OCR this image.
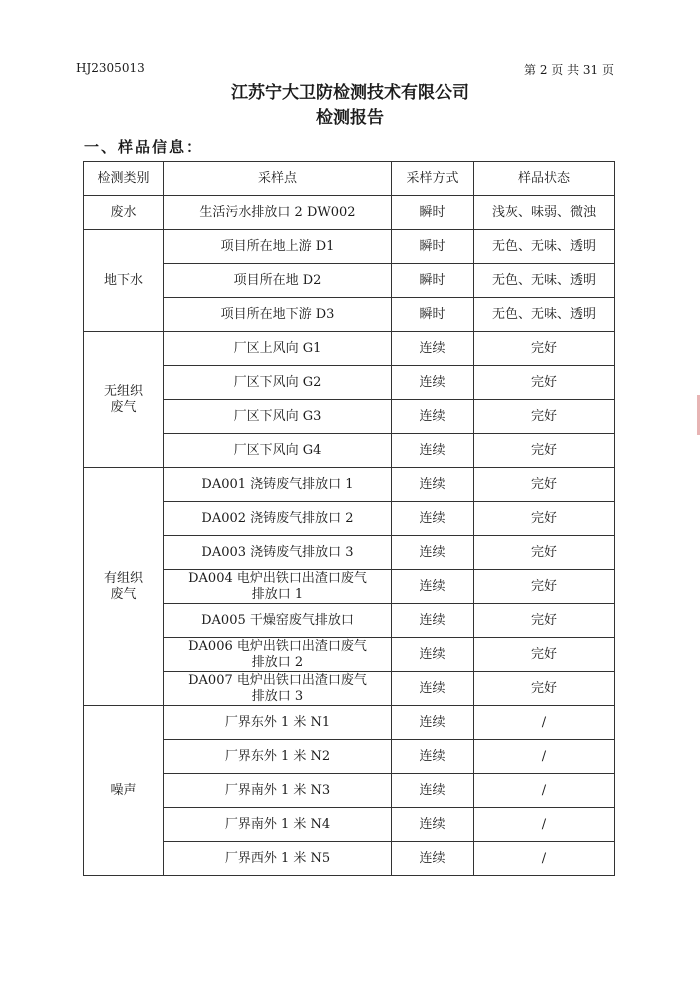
HJ2305013	第 2 页 共 31 页
江苏宁大卫防检测技术有限公司
检测报告
一、样品信息：
检测类别	采样点	采样方式	样品状态
废水	生活污水排放口 2 DW002	瞬时	浅灰、味弱、微浊
地下水	项目所在地上游 D1	瞬时	无色、无味、透明
	项目所在地 D2	瞬时	无色、无味、透明
	项目所在地下游 D3	瞬时	无色、无味、透明
无组织
废气	厂区上风向 G1	连续	完好
	厂区下风向 G2	连续	完好
	厂区下风向 G3	连续	完好
	厂区下风向 G4	连续	完好
有组织
废气	DA001 浇铸废气排放口 1	连续	完好
	DA002 浇铸废气排放口 2	连续	完好
	DA003 浇铸废气排放口 3	连续	完好
	DA004 电炉出铁口出渣口废气
排放口 1	连续	完好
	DA005 干燥窑废气排放口	连续	完好
	DA006 电炉出铁口出渣口废气
排放口 2	连续	完好
	DA007 电炉出铁口出渣口废气
排放口 3	连续	完好
噪声	厂界东外 1 米 N1	连续	/
	厂界东外 1 米 N2	连续	/
	厂界南外 1 米 N3	连续	/
	厂界南外 1 米 N4	连续	/
	厂界西外 1 米 N5	连续	/
